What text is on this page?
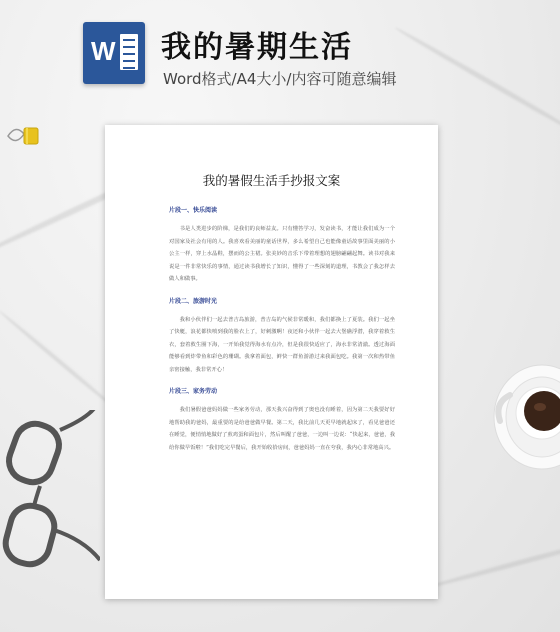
W 我的暑期生活
Word格式/A4大小/内容可随意编辑
我的暑假生活手抄报文案
片段一、快乐阅读
书是人类进步的阶梯，是我们的良师益友。只有懂答学习，发奋读书，才能让我们成为一个对国家及社会有用的人。我喜欢看美丽的童话世界，多么希望自己也能像童话故事里面美丽的小公主一样，穿上水晶鞋，摆而的公主裙。张美妙的音乐下带着理想的翅膀翩翩起舞。读书对我来说是一件非常快乐的事情，通过读书我增长了知识，懂得了一些深刻的道理，书教会了我怎样去做人和做事。
片段二、旅游时光
我和小伙伴们一起去普吉岛旅游，普吉岛的气候非常暖和，我们都换上了夏装。我们一起坐了快艇，浪花都快喷到我的脸衣上了，好刺激啊！夜还和小伙伴一起去大堡礁浮潜，我穿着救生衣，套着救生圈下海，一开始我觉得海水有点冷，但是我很快适应了，海水非常清澈。透过海面能够看到炸带鱼和彩色的珊瑚。我拿着面包，鲜快一群鱼游游过来我面包吃。我第一次和热带鱼亲密接触，我非常开心！
片段三、家务劳动
我们暑假爸爸妈妈做一些家务劳动，那天我兴奋得到了奥也没有睡着，因为第二天我要好好地帮助我的爸妈，最重要的是给爸爸做早餐。第二天，我比前几天更早地就起床了，看见爸爸还在睡觉，便悄悄地做好了煎鸡蛋和面包片，然后叫醒了爸爸，一边叫一边说：“快起来，爸爸，我给你做早饭啦！”我们吃完早餐后，我开始收拾房间，爸爸妈妈一直在夸我，我内心非常地高兴。
